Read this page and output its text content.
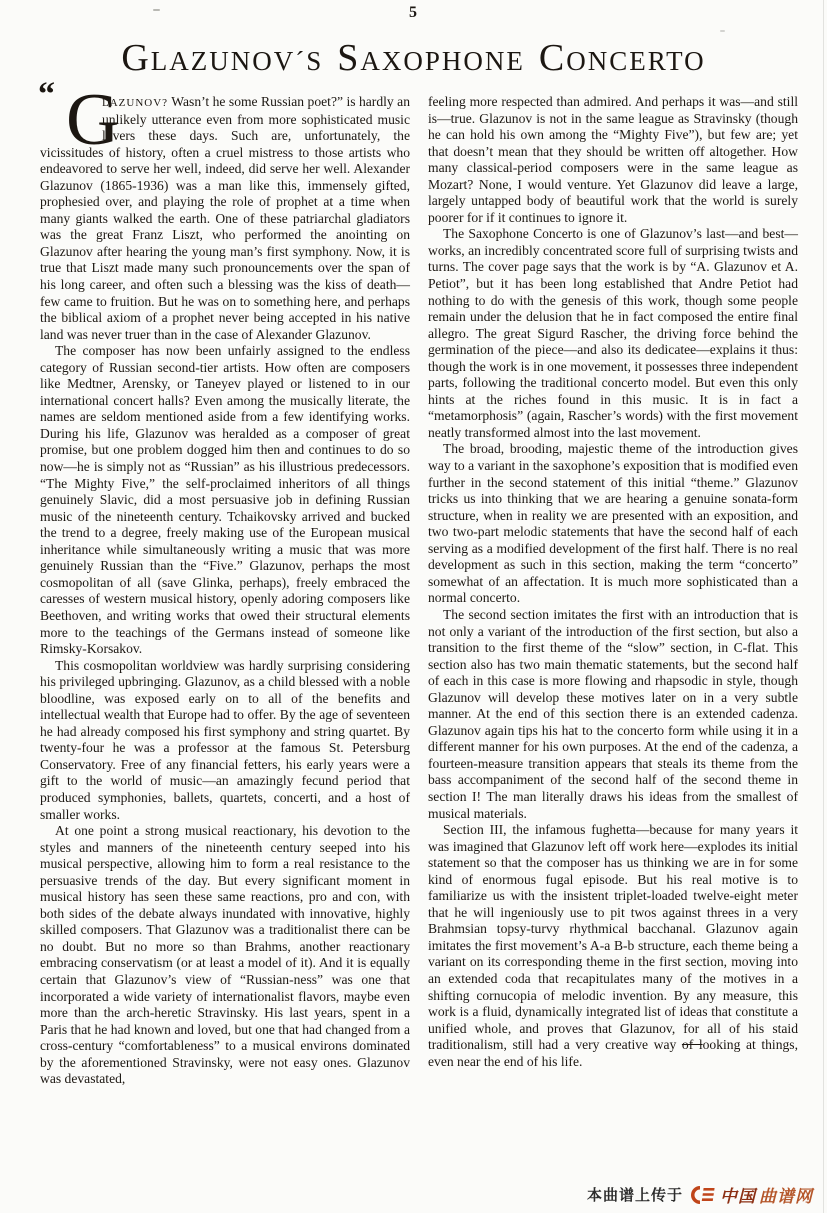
5
GLAZUNOV´S SAXOPHONE CONCERTO

“ G
LAZUNOV? Wasn’t he some Russian poet?” is hardly an unlikely utterance even from more sophisticated music lovers these days. Such are, unfortunately, the vicissitudes of history, often a cruel mistress to those artists who endeavored to serve her well, indeed, did serve her well. Alexander Glazunov (1865-1936) was a man like this, immensely gifted, prophesied over, and playing the role of prophet at a time when many giants walked the earth. One of these patriarchal gladiators was the great Franz Liszt, who performed the anointing on Glazunov after hearing the young man’s first symphony. Now, it is true that Liszt made many such pronouncements over the span of his long career, and often such a blessing was the kiss of death—few came to fruition. But he was on to something here, and perhaps the biblical axiom of a prophet never being accepted in his native land was never truer than in the case of Alexander Glazunov.

The composer has now been unfairly assigned to the endless category of Russian second-tier artists. How often are composers like Medtner, Arensky, or Taneyev played or listened to in our international concert halls? Even among the musically literate, the names are seldom mentioned aside from a few identifying works. During his life, Glazunov was heralded as a composer of great promise, but one problem dogged him then and continues to do so now—he is simply not as “Russian” as his illustrious predecessors. “The Mighty Five,” the self-proclaimed inheritors of all things genuinely Slavic, did a most persuasive job in defining Russian music of the nineteenth century. Tchaikovsky arrived and bucked the trend to a degree, freely making use of the European musical inheritance while simultaneously writing a music that was more genuinely Russian than the “Five.” Glazunov, perhaps the most cosmopolitan of all (save Glinka, perhaps), freely embraced the caresses of western musical history, openly adoring composers like Beethoven, and writing works that owed their structural elements more to the teachings of the Germans instead of someone like Rimsky-Korsakov.

This cosmopolitan worldview was hardly surprising considering his privileged upbringing. Glazunov, as a child blessed with a noble bloodline, was exposed early on to all of the benefits and intellectual wealth that Europe had to offer. By the age of seventeen he had already composed his first symphony and string quartet. By twenty-four he was a professor at the famous St. Petersburg Conservatory. Free of any financial fetters, his early years were a gift to the world of music—an amazingly fecund period that produced symphonies, ballets, quartets, concerti, and a host of smaller works.

At one point a strong musical reactionary, his devotion to the styles and manners of the nineteenth century seeped into his musical perspective, allowing him to form a real resistance to the persuasive trends of the day. But every significant moment in musical history has seen these same reactions, pro and con, with both sides of the debate always inundated with innovative, highly skilled composers. That Glazunov was a traditionalist there can be no doubt. But no more so than Brahms, another reactionary embracing conservatism (or at least a model of it). And it is equally certain that Glazunov’s view of “Russian-ness” was one that incorporated a wide variety of internationalist flavors, maybe even more than the arch-heretic Stravinsky. His last years, spent in a Paris that he had known and loved, but one that had changed from a cross-century “comfortableness” to a musical environs dominated by the aforementioned Stravinsky, were not easy ones. Glazunov was devastated,

feeling more respected than admired. And perhaps it was—and still is—true. Glazunov is not in the same league as Stravinsky (though he can hold his own among the “Mighty Five”), but few are; yet that doesn’t mean that they should be written off altogether. How many classical-period composers were in the same league as Mozart? None, I would venture. Yet Glazunov did leave a large, largely untapped body of beautiful work that the world is surely poorer for if it continues to ignore it.

The Saxophone Concerto is one of Glazunov’s last—and best—works, an incredibly concentrated score full of surprising twists and turns. The cover page says that the work is by “A. Glazunov et A. Petiot”, but it has been long established that Andre Petiot had nothing to do with the genesis of this work, though some people remain under the delusion that he in fact composed the entire final allegro. The great Sigurd Rascher, the driving force behind the germination of the piece—and also its dedicatee—explains it thus: though the work is in one movement, it possesses three independent parts, following the traditional concerto model. But even this only hints at the riches found in this music. It is in fact a “metamorphosis” (again, Rascher’s words) with the first movement neatly transformed almost into the last movement.

The broad, brooding, majestic theme of the introduction gives way to a variant in the saxophone’s exposition that is modified even further in the second statement of this initial “theme.” Glazunov tricks us into thinking that we are hearing a genuine sonata-form structure, when in reality we are presented with an exposition, and two two-part melodic statements that have the second half of each serving as a modified development of the first half. There is no real development as such in this section, making the term “concerto” somewhat of an affectation. It is much more sophisticated than a normal concerto.

The second section imitates the first with an introduction that is not only a variant of the introduction of the first section, but also a transition to the first theme of the “slow” section, in C-flat. This section also has two main thematic statements, but the second half of each in this case is more flowing and rhapsodic in style, though Glazunov will develop these motives later on in a very subtle manner. At the end of this section there is an extended cadenza. Glazunov again tips his hat to the concerto form while using it in a different manner for his own purposes. At the end of the cadenza, a fourteen-measure transition appears that steals its theme from the bass accompaniment of the second half of the second theme in section I! The man literally draws his ideas from the smallest of musical materials.

Section III, the infamous fughetta—because for many years it was imagined that Glazunov left off work here—explodes its initial statement so that the composer has us thinking we are in for some kind of enormous fugal episode. But his real motive is to familiarize us with the insistent triplet-loaded twelve-eight meter that he will ingeniously use to pit twos against threes in a very Brahmsian topsy-turvy rhythmical bacchanal. Glazunov again imitates the first movement’s A-a B-b structure, each theme being a variant on its corresponding theme in the first section, moving into an extended coda that recapitulates many of the motives in a shifting cornucopia of melodic invention. By any measure, this work is a fluid, dynamically integrated list of ideas that constitute a unified whole, and proves that Glazunov, for all of his staid traditionalism, still had a very creative way of looking at things, even near the end of his life.

本曲谱上传于 中国 曲谱网
